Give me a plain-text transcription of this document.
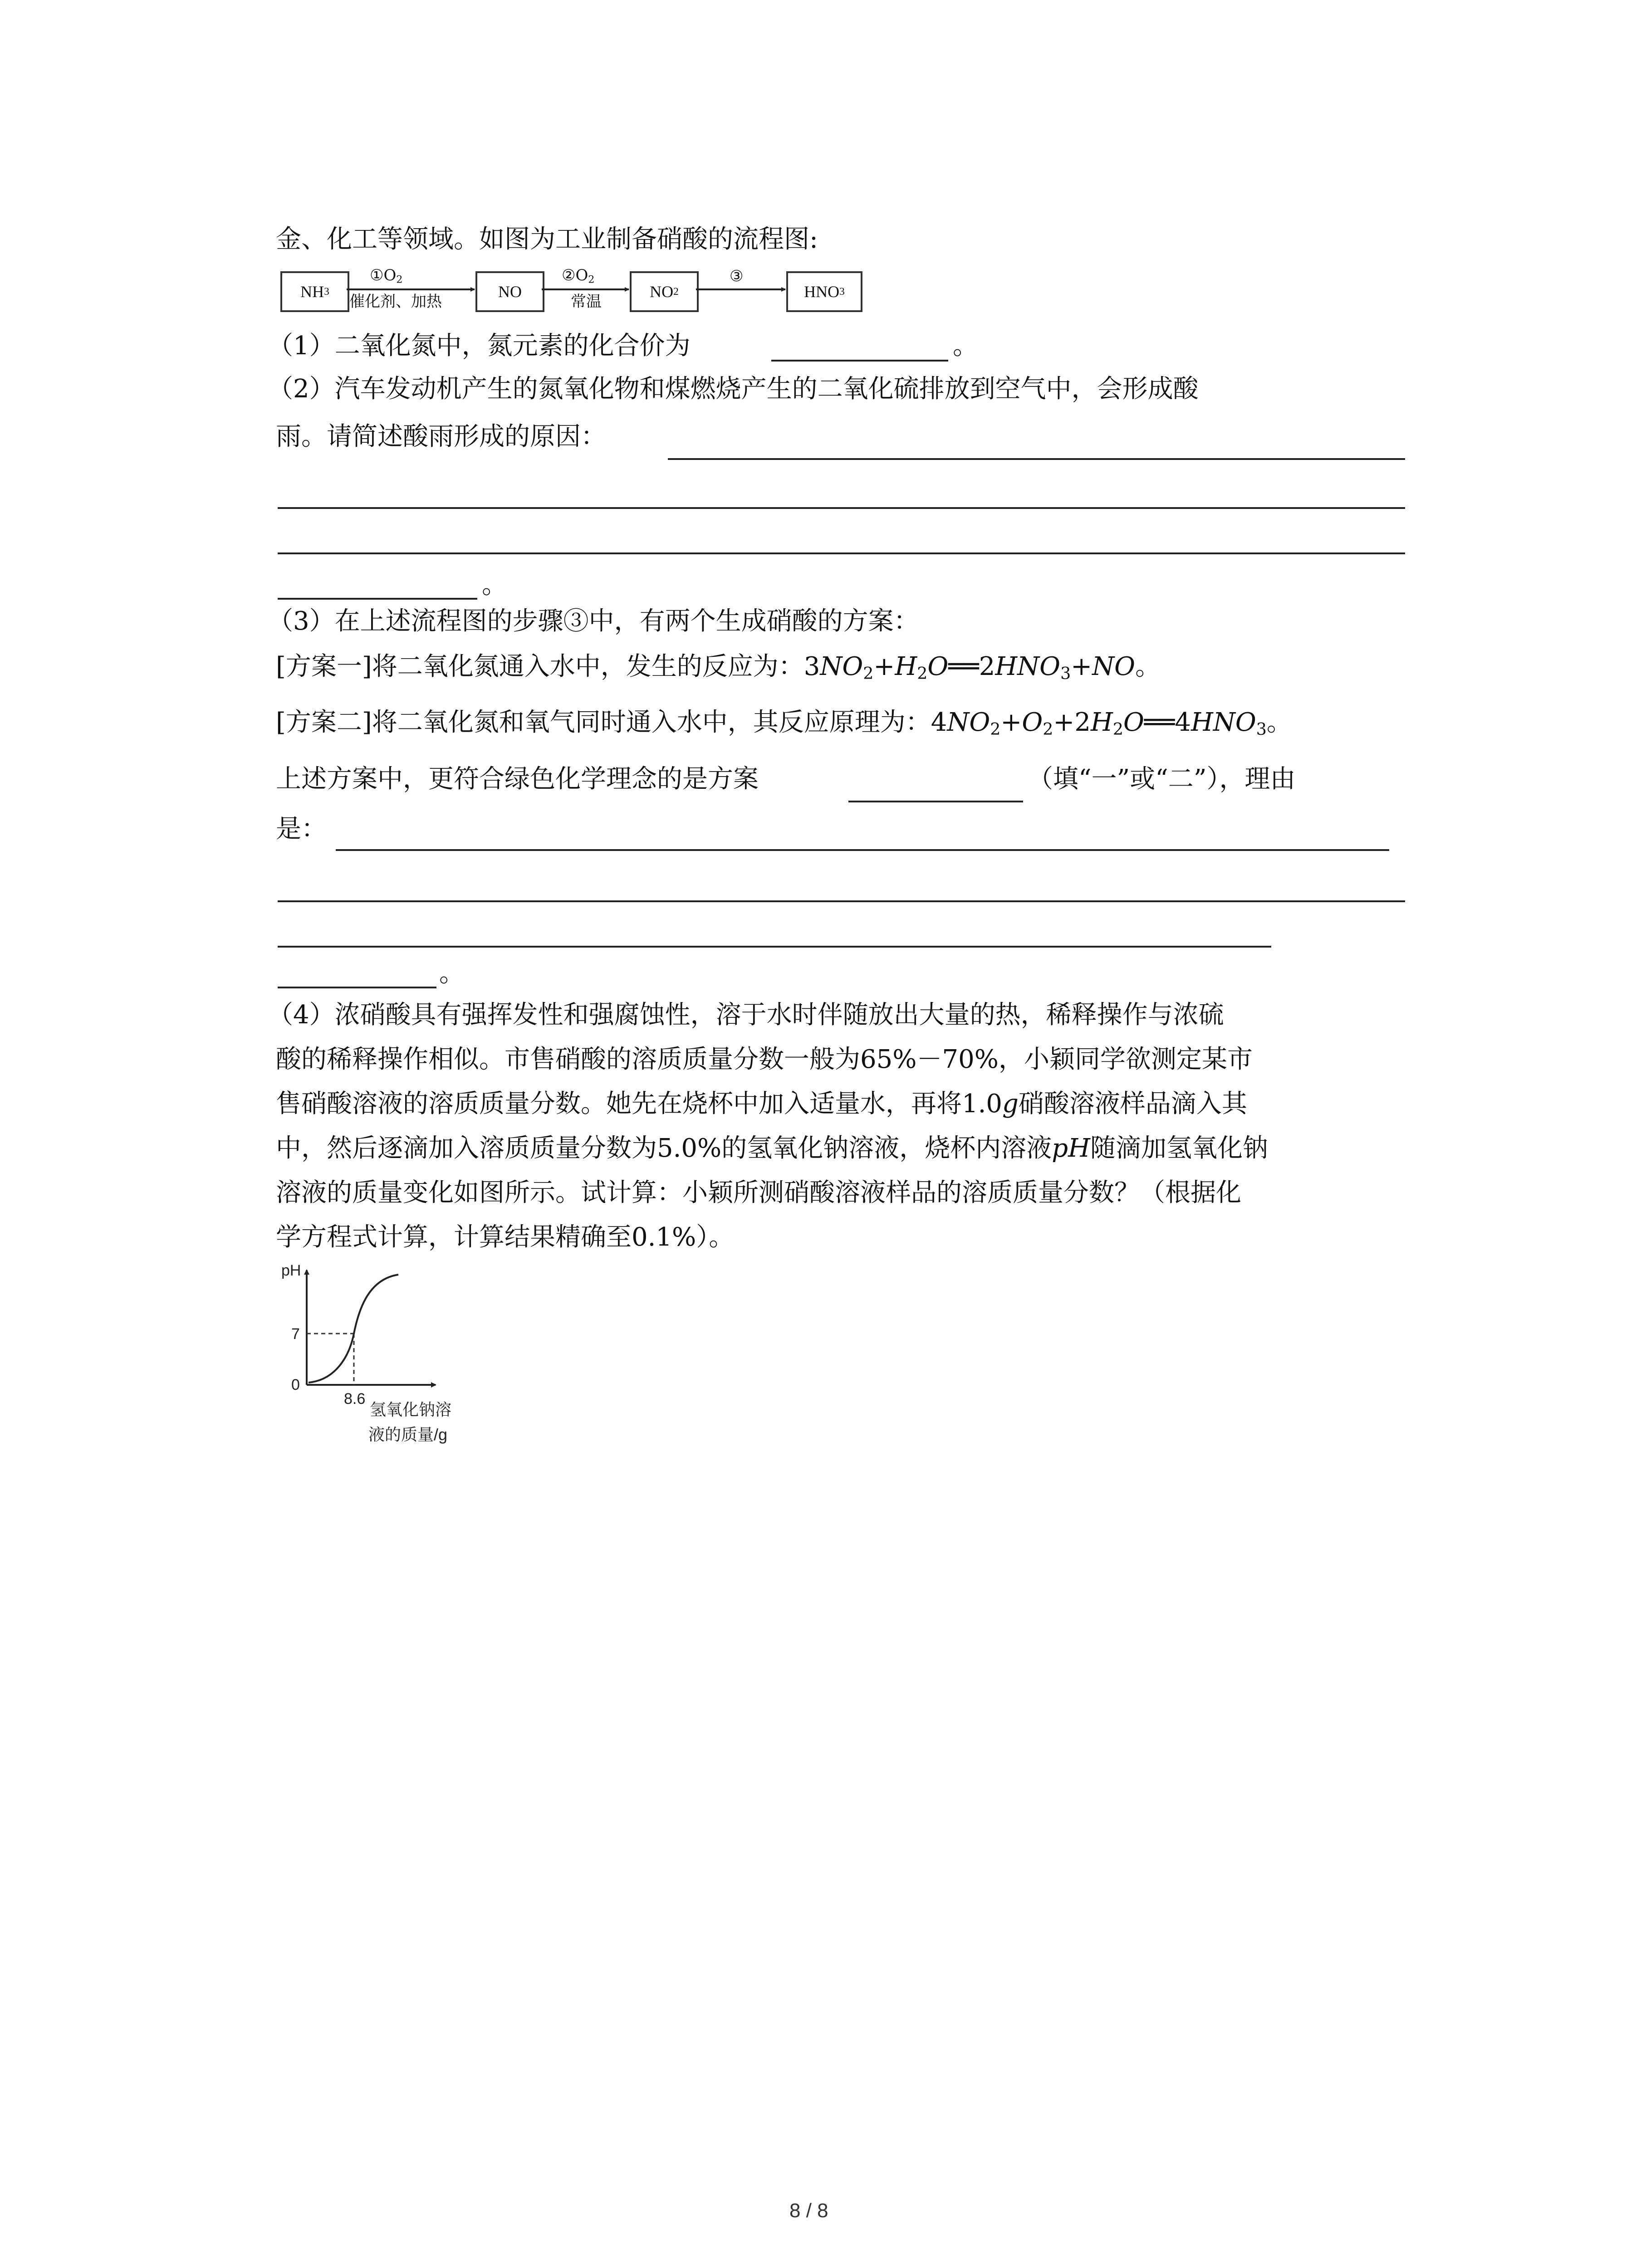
金、化工等领域。如图为工业制备硝酸的流程图:
NH 3	NO	NO 2	HNO 3
$①O_2$
催化剂、加热
$②O_2$
常温
③
（1）二氧化氮中，氮元素的化合价为	。
（2）汽车发动机产生的氮氧化物和煤燃烧产生的二氧化硫排放到空气中，会形成酸
雨。请简述酸雨形成的原因：
。
（3）在上述流程图的步骤③中，有两个生成硝酸的方案：
[方案一]将二氧化氮通入水中，发生的反应为：$3NO_2+H_2O══2HNO_3+NO$。
[方案二]将二氧化氮和氧气同时通入水中，其反应原理为：$4NO_2+O_2+2H_2O══4HNO_3$。
上述方案中，更符合绿色化学理念的是方案	（填“一”或“二”），理由
是：
。
（4）浓硝酸具有强挥发性和强腐蚀性，溶于水时伴随放出大量的热，稀释操作与浓硫
酸的稀释操作相似。市售硝酸的溶质质量分数一般为65%－70%，小颖同学欲测定某市
售硝酸溶液的溶质质量分数。她先在烧杯中加入适量水，再将1.0g硝酸溶液样品滴入其
中，然后逐滴加入溶质质量分数为5.0%的氢氧化钠溶液，烧杯内溶液pH随滴加氢氧化钠
溶液的质量变化如图所示。试计算：小颖所测硝酸溶液样品的溶质质量分数？（根据化
学方程式计算，计算结果精确至0.1%）。
pH
7
0
8.6
氢氧化钠溶
液的质量/g
8 / 8
